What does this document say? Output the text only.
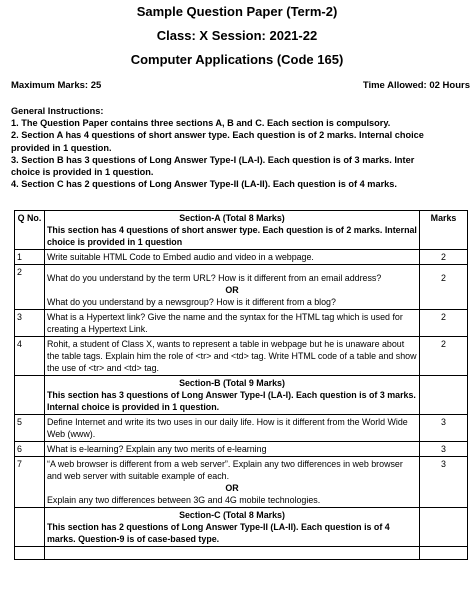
Sample Question Paper (Term-2)
Class: X Session: 2021-22
Computer Applications (Code 165)
Maximum Marks: 25	Time Allowed: 02 Hours
General Instructions:
1. The Question Paper contains three sections A, B and C. Each section is compulsory.
2. Section A has 4 questions of short answer type. Each question is of 2 marks. Internal choice
provided in 1 question.
3. Section B has 3 questions of Long Answer Type-I (LA-I). Each question is of 3 marks. Inter
choice is provided in 1 question.
4. Section C has 2 questions of Long Answer Type-II (LA-II). Each question is of 4 marks.
Q No.	Section-A (Total 8 Marks)
This section has 4 questions of short answer type. Each question is of 2 marks. Internal choice is provided in 1 question	Marks
1	Write suitable HTML Code to Embed audio and video in a webpage.	2
2	What do you understand by the term URL? How is it different from an email address?
OR
What do you understand by a newsgroup? How is it different from a blog?	2
3	What is a Hypertext link? Give the name and the syntax for the HTML tag which is used for creating a Hypertext Link.	2
4	Rohit, a student of Class X, wants to represent a table in webpage but he is unaware about the table tags. Explain him the role of <tr> and <td> tag. Write HTML code of a table and show the use of <tr> and <td> tag.	2

	Section-B (Total 9 Marks)
This section has 3 questions of Long Answer Type-I (LA-I). Each question is of 3 marks. Internal choice is provided in 1 question.	

5	Define Internet and write its two uses in our daily life. How is it different from the World Wide Web (www).	3
6	What is e-learning? Explain any two merits of e-learning	3
7	“A web browser is different from a web server”. Explain any two differences in web browser and web server with suitable example of each.
OR
Explain any two differences between 3G and 4G mobile technologies.	3

	Section-C (Total 8 Marks)
This section has 2 questions of Long Answer Type-II (LA-II). Each question is of 4 marks. Question-9 is of case-based type.	
